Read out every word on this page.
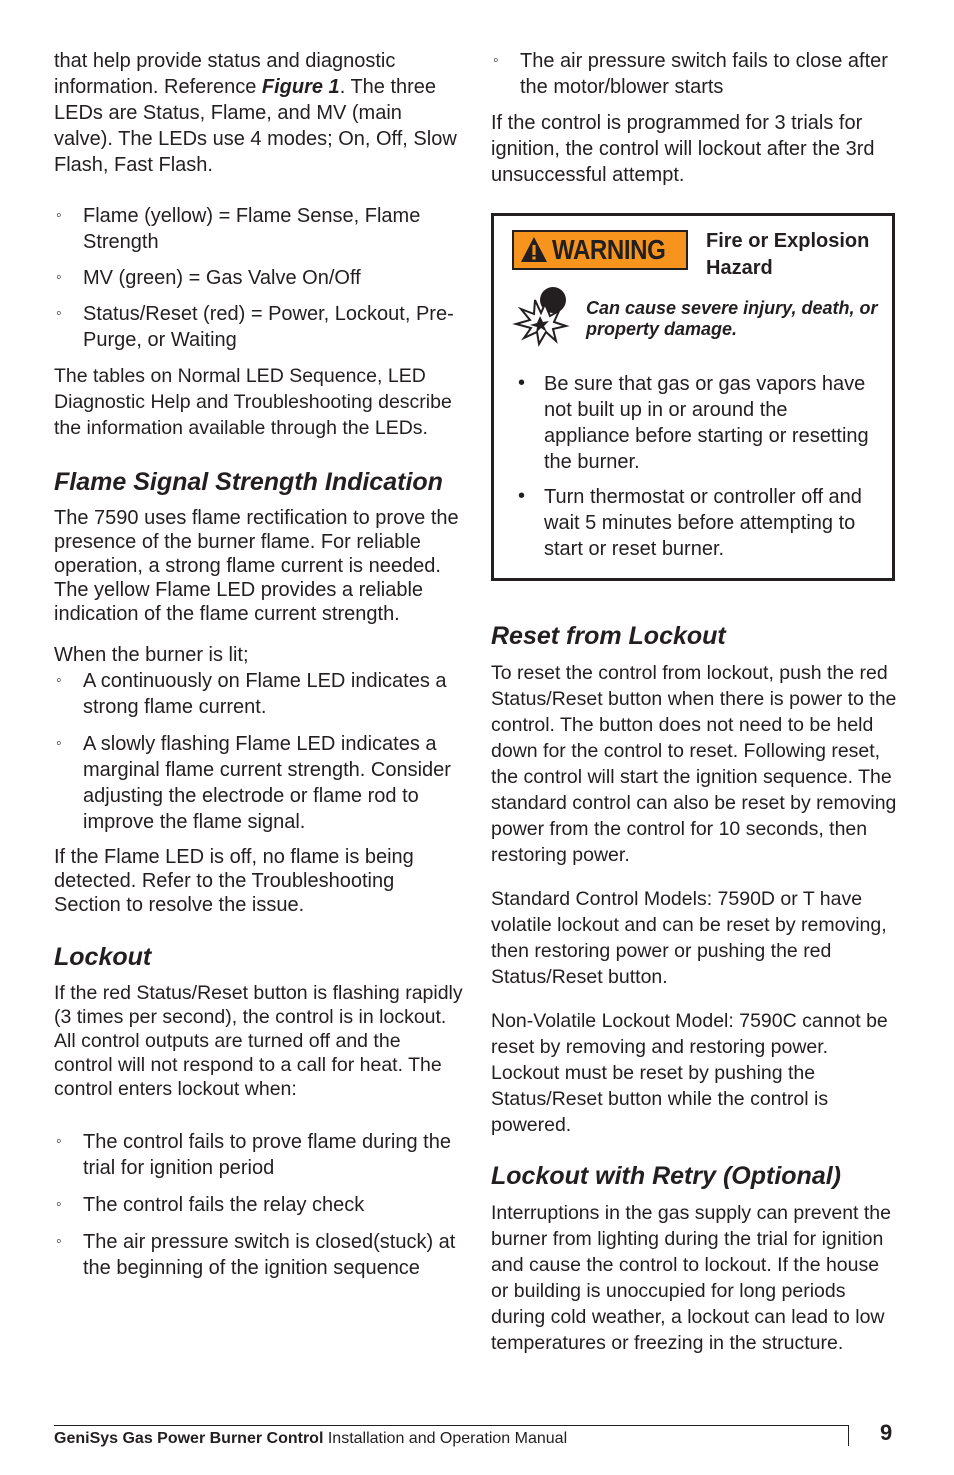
that help provide status and diagnostic information. Reference Figure 1. The three LEDs are Status, Flame, and MV (main valve). The LEDs use 4 modes; On, Off, Slow Flash, Fast Flash.

◦ Flame (yellow) = Flame Sense, Flame Strength
◦ MV (green) = Gas Valve On/Off
◦ Status/Reset (red) = Power, Lockout, Pre-Purge, or Waiting

The tables on Normal LED Sequence, LED Diagnostic Help and Troubleshooting describe the information available through the LEDs.

Flame Signal Strength Indication

The 7590 uses flame rectification to prove the presence of the burner flame. For reliable operation, a strong flame current is needed. The yellow Flame LED provides a reliable indication of the flame current strength.

When the burner is lit;

◦ A continuously on Flame LED indicates a strong flame current.
◦ A slowly flashing Flame LED indicates a marginal flame current strength. Consider adjusting the electrode or flame rod to improve the flame signal.

If the Flame LED is off, no flame is being detected. Refer to the Troubleshooting Section to resolve the issue.

Lockout

If the red Status/Reset button is flashing rapidly (3 times per second), the control is in lockout. All control outputs are turned off and the control will not respond to a call for heat. The control enters lockout when:

◦ The control fails to prove flame during the trial for ignition period
◦ The control fails the relay check
◦ The air pressure switch is closed(stuck) at the beginning of the ignition sequence
◦ The air pressure switch fails to close after the motor/blower starts

If the control is programmed for 3 trials for ignition, the control will lockout after the 3rd unsuccessful attempt.

WARNING Fire or Explosion Hazard
Can cause severe injury, death, or property damage.
• Be sure that gas or gas vapors have not built up in or around the appliance before starting or resetting the burner.
• Turn thermostat or controller off and wait 5 minutes before attempting to start or reset burner.
Reset from Lockout

To reset the control from lockout, push the red Status/Reset button when there is power to the control. The button does not need to be held down for the control to reset. Following reset, the control will start the ignition sequence. The standard control can also be reset by removing power from the control for 10 seconds, then restoring power.

Standard Control Models: 7590D or T have volatile lockout and can be reset by removing, then restoring power or pushing the red Status/Reset button.

Non-Volatile Lockout Model: 7590C cannot be reset by removing and restoring power. Lockout must be reset by pushing the Status/Reset button while the control is powered.

Lockout with Retry (Optional)

Interruptions in the gas supply can prevent the burner from lighting during the trial for ignition and cause the control to lockout. If the house or building is unoccupied for long periods during cold weather, a lockout can lead to low temperatures or freezing in the structure.

GeniSys Gas Power Burner Control Installation and Operation Manual	9
